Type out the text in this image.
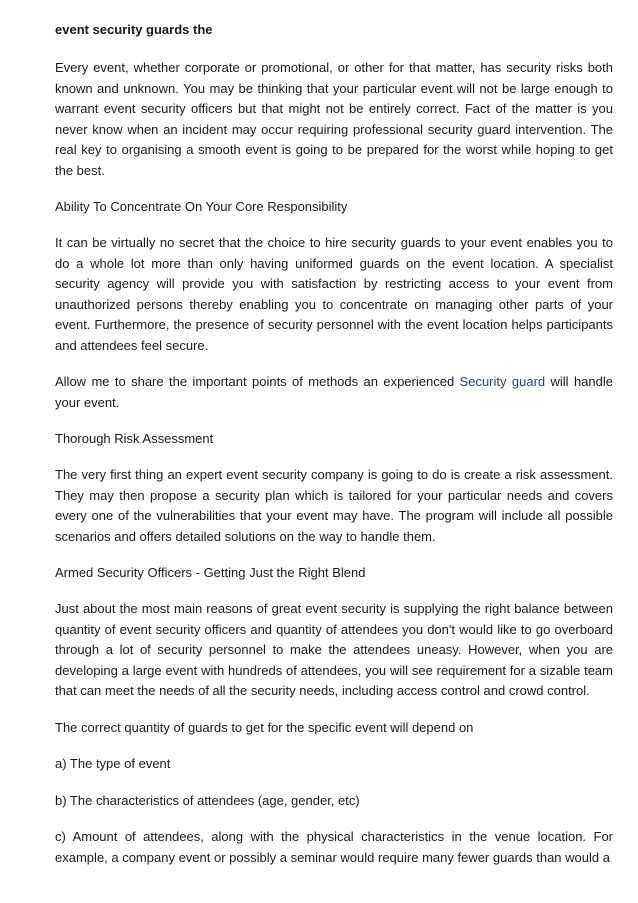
event security guards the

Every event, whether corporate or promotional, or other for that matter, has security risks both known and unknown. You may be thinking that your particular event will not be large enough to warrant event security officers but that might not be entirely correct. Fact of the matter is you never know when an incident may occur requiring professional security guard intervention. The real key to organising a smooth event is going to be prepared for the worst while hoping to get the best.

Ability To Concentrate On Your Core Responsibility

It can be virtually no secret that the choice to hire security guards to your event enables you to do a whole lot more than only having uniformed guards on the event location. A specialist security agency will provide you with satisfaction by restricting access to your event from unauthorized persons thereby enabling you to concentrate on managing other parts of your event. Furthermore, the presence of security personnel with the event location helps participants and attendees feel secure.

Allow me to share the important points of methods an experienced Security guard will handle your event.

Thorough Risk Assessment

The very first thing an expert event security company is going to do is create a risk assessment. They may then propose a security plan which is tailored for your particular needs and covers every one of the vulnerabilities that your event may have. The program will include all possible scenarios and offers detailed solutions on the way to handle them.

Armed Security Officers - Getting Just the Right Blend

Just about the most main reasons of great event security is supplying the right balance between quantity of event security officers and quantity of attendees you don't would like to go overboard through a lot of security personnel to make the attendees uneasy. However, when you are developing a large event with hundreds of attendees, you will see requirement for a sizable team that can meet the needs of all the security needs, including access control and crowd control.

The correct quantity of guards to get for the specific event will depend on

a) The type of event

b) The characteristics of attendees (age, gender, etc)

c) Amount of attendees, along with the physical characteristics in the venue location. For example, a company event or possibly a seminar would require many fewer guards than would a
